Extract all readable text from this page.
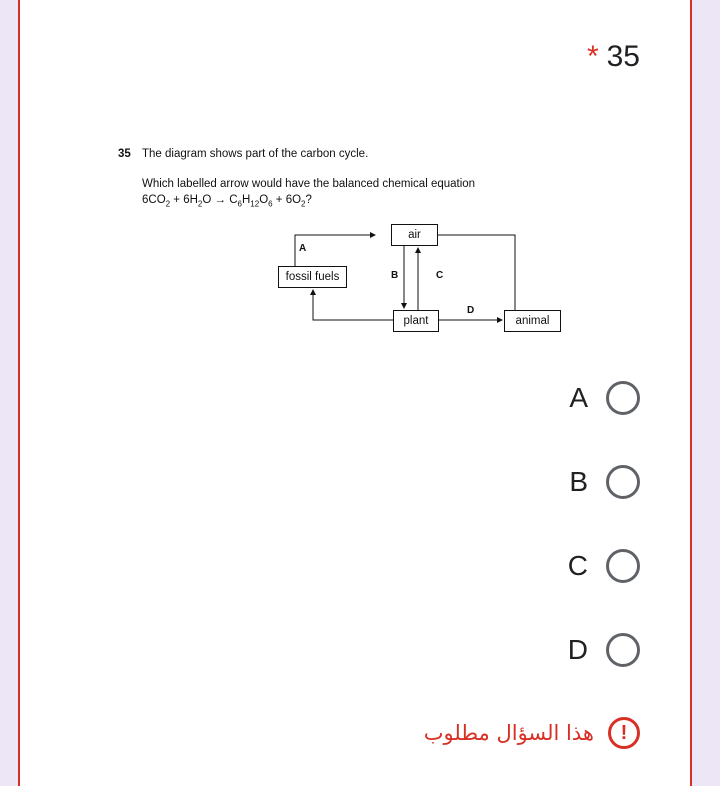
* 35
35 The diagram shows part of the carbon cycle.
Which labelled arrow would have the balanced chemical equation
$6CO_2 + 6H_2O \to C_6H_{12}O_6 + 6O_2$?
air
fossil fuels
plant	animal
A
B	C
D
A
B
C
D
هذا السؤال مطلوب	!
